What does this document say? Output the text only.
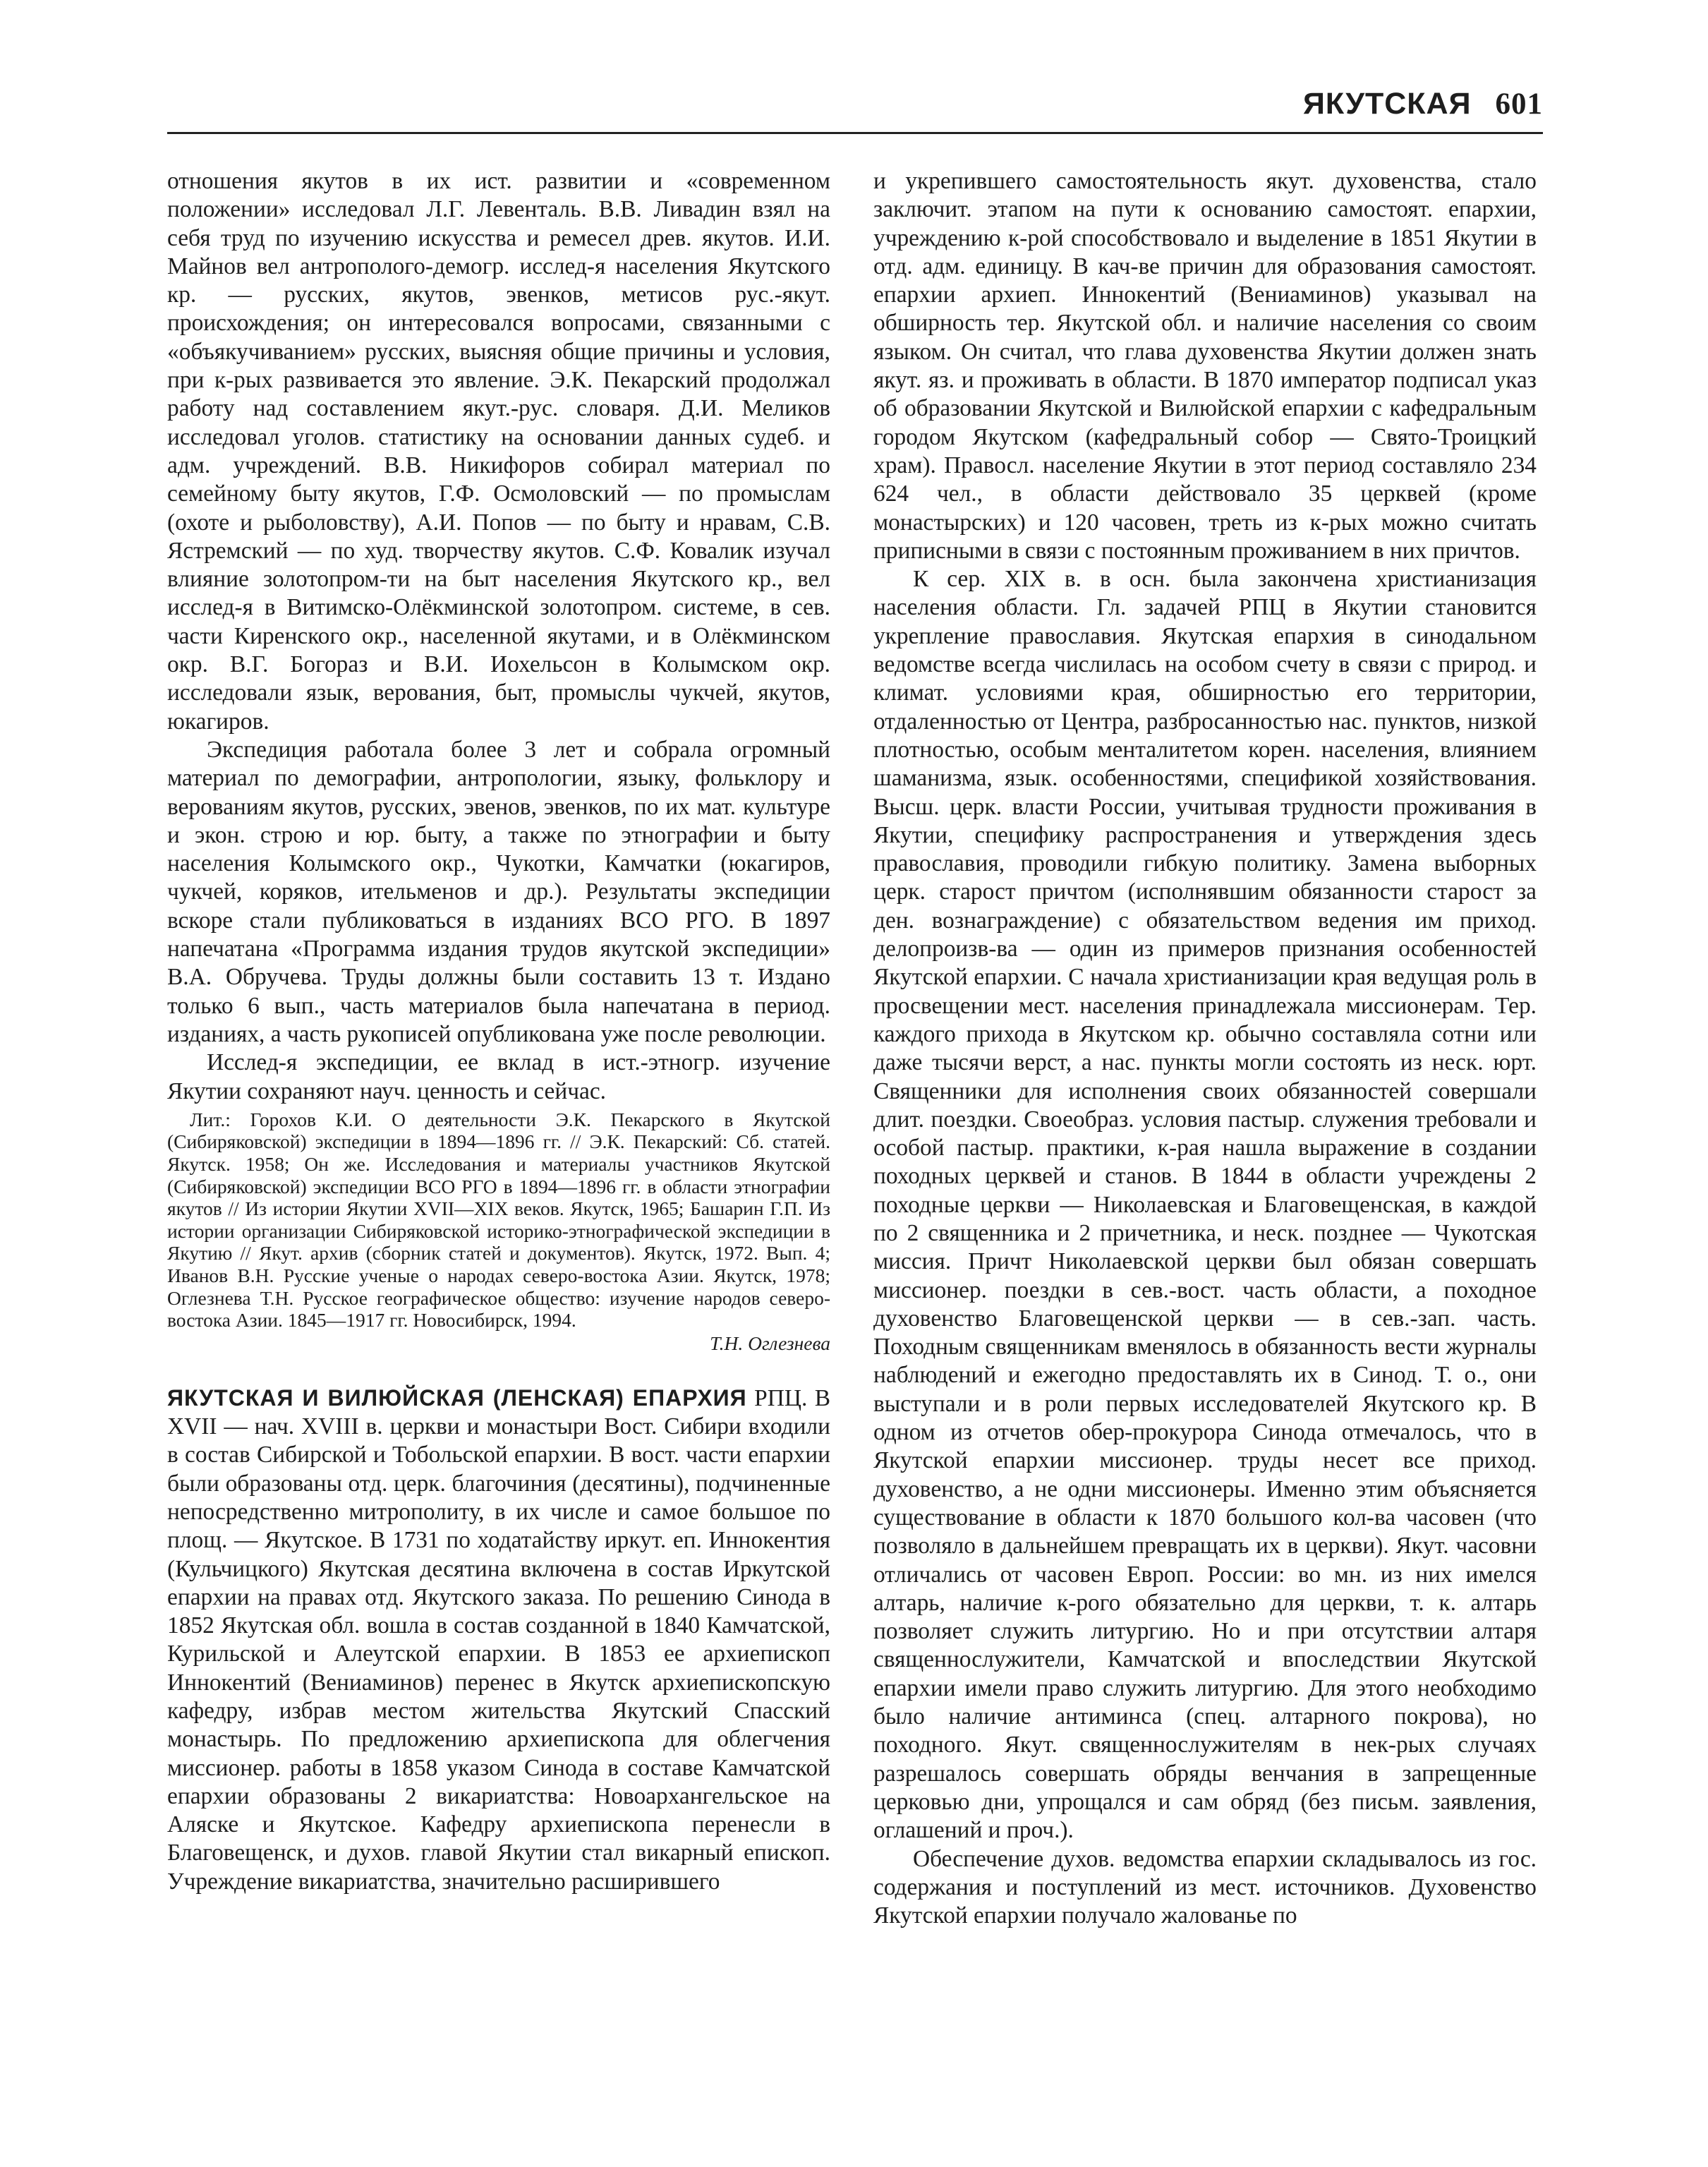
ЯКУТСКАЯ 601

отношения якутов в их ист. развитии и «современном положении» исследовал Л.Г. Левенталь. В.В. Ливадин взял на себя труд по изучению искусства и ремесел древ. якутов. И.И. Майнов вел антрополого-демогр. исслед-я населения Якутского кр. — русских, якутов, эвенков, метисов рус.-якут. происхождения; он интересовался вопросами, связанными с «объякучиванием» русских, выясняя общие причины и условия, при к-рых развивается это явление. Э.К. Пекарский продолжал работу над составлением якут.-рус. словаря. Д.И. Меликов исследовал уголов. статистику на основании данных судеб. и адм. учреждений. В.В. Никифоров собирал материал по семейному быту якутов, Г.Ф. Осмоловский — по промыслам (охоте и рыболовству), А.И. Попов — по быту и нравам, С.В. Ястремский — по худ. творчеству якутов. С.Ф. Ковалик изучал влияние золотопром-ти на быт населения Якутского кр., вел исслед-я в Витимско-Олёкминской золотопром. системе, в сев. части Киренского окр., населенной якутами, и в Олёкминском окр. В.Г. Богораз и В.И. Иохельсон в Колымском окр. исследовали язык, верования, быт, промыслы чукчей, якутов, юкагиров.

Экспедиция работала более 3 лет и собрала огромный материал по демографии, антропологии, языку, фольклору и верованиям якутов, русских, эвенов, эвенков, по их мат. культуре и экон. строю и юр. быту, а также по этнографии и быту населения Колымского окр., Чукотки, Камчатки (юкагиров, чукчей, коряков, ительменов и др.). Результаты экспедиции вскоре стали публиковаться в изданиях ВСО РГО. В 1897 напечатана «Программа издания трудов якутской экспедиции» В.А. Обручева. Труды должны были составить 13 т. Издано только 6 вып., часть материалов была напечатана в период. изданиях, а часть рукописей опубликована уже после революции.

Исслед-я экспедиции, ее вклад в ист.-этногр. изучение Якутии сохраняют науч. ценность и сейчас.

Лит.: Горохов К.И. О деятельности Э.К. Пекарского в Якутской (Сибиряковской) экспедиции в 1894—1896 гг. // Э.К. Пекарский: Сб. статей. Якутск. 1958; Он же. Исследования и материалы участников Якутской (Сибиряковской) экспедиции ВСО РГО в 1894—1896 гг. в области этнографии якутов // Из истории Якутии XVII—XIX веков. Якутск, 1965; Башарин Г.П. Из истории организации Сибиряковской историко-этнографической экспедиции в Якутию // Якут. архив (сборник статей и документов). Якутск, 1972. Вып. 4; Иванов В.Н. Русские ученые о народах северо-востока Азии. Якутск, 1978; Оглезнева Т.Н. Русское географическое общество: изучение народов северо-востока Азии. 1845—1917 гг. Новосибирск, 1994.

Т.Н. Оглезнева

ЯКУТСКАЯ И ВИЛЮЙСКАЯ (ЛЕНСКАЯ) ЕПАРХИЯ РПЦ. В XVII — нач. XVIII в. церкви и монастыри Вост. Сибири входили в состав Сибирской и Тобольской епархии. В вост. части епархии были образованы отд. церк. благочиния (десятины), подчиненные непосредственно митрополиту, в их числе и самое большое по площ. — Якутское. В 1731 по ходатайству иркут. еп. Иннокентия (Кульчицкого) Якутская десятина включена в состав Иркутской епархии на правах отд. Якутского заказа. По решению Синода в 1852 Якутская обл. вошла в состав созданной в 1840 Камчатской, Курильской и Алеутской епархии. В 1853 ее архиепископ Иннокентий (Вениаминов) перенес в Якутск архиепископскую кафедру, избрав местом жительства Якутский Спасский монастырь. По предложению архиепископа для облегчения миссионер. работы в 1858 указом Синода в составе Камчатской епархии образованы 2 викариатства: Новоархангельское на Аляске и Якутское. Кафедру архиепископа перенесли в Благовещенск, и духов. главой Якутии стал викарный епископ. Учреждение викариатства, значительно расширившего

и укрепившего самостоятельность якут. духовенства, стало заключит. этапом на пути к основанию самостоят. епархии, учреждению к-рой способствовало и выделение в 1851 Якутии в отд. адм. единицу. В кач-ве причин для образования самостоят. епархии архиеп. Иннокентий (Вениаминов) указывал на обширность тер. Якутской обл. и наличие населения со своим языком. Он считал, что глава духовенства Якутии должен знать якут. яз. и проживать в области. В 1870 император подписал указ об образовании Якутской и Вилюйской епархии с кафедральным городом Якутском (кафедральный собор — Свято-Троицкий храм). Правосл. население Якутии в этот период составляло 234 624 чел., в области действовало 35 церквей (кроме монастырских) и 120 часовен, треть из к-рых можно считать приписными в связи с постоянным проживанием в них причтов.

К сер. XIX в. в осн. была закончена христианизация населения области. Гл. задачей РПЦ в Якутии становится укрепление православия. Якутская епархия в синодальном ведомстве всегда числилась на особом счету в связи с природ. и климат. условиями края, обширностью его территории, отдаленностью от Центра, разбросанностью нас. пунктов, низкой плотностью, особым менталитетом корен. населения, влиянием шаманизма, язык. особенностями, спецификой хозяйствования. Высш. церк. власти России, учитывая трудности проживания в Якутии, специфику распространения и утверждения здесь православия, проводили гибкую политику. Замена выборных церк. старост причтом (исполнявшим обязанности старост за ден. вознаграждение) с обязательством ведения им приход. делопроизв-ва — один из примеров признания особенностей Якутской епархии. С начала христианизации края ведущая роль в просвещении мест. населения принадлежала миссионерам. Тер. каждого прихода в Якутском кр. обычно составляла сотни или даже тысячи верст, а нас. пункты могли состоять из неск. юрт. Священники для исполнения своих обязанностей совершали длит. поездки. Своеобраз. условия пастыр. служения требовали и особой пастыр. практики, к-рая нашла выражение в создании походных церквей и станов. В 1844 в области учреждены 2 походные церкви — Николаевская и Благовещенская, в каждой по 2 священника и 2 причетника, и неск. позднее — Чукотская миссия. Причт Николаевской церкви был обязан совершать миссионер. поездки в сев.-вост. часть области, а походное духовенство Благовещенской церкви — в сев.-зап. часть. Походным священникам вменялось в обязанность вести журналы наблюдений и ежегодно предоставлять их в Синод. Т. о., они выступали и в роли первых исследователей Якутского кр. В одном из отчетов обер-прокурора Синода отмечалось, что в Якутской епархии миссионер. труды несет все приход. духовенство, а не одни миссионеры. Именно этим объясняется существование в области к 1870 большого кол-ва часовен (что позволяло в дальнейшем превращать их в церкви). Якут. часовни отличались от часовен Европ. России: во мн. из них имелся алтарь, наличие к-рого обязательно для церкви, т. к. алтарь позволяет служить литургию. Но и при отсутствии алтаря священнослужители, Камчатской и впоследствии Якутской епархии имели право служить литургию. Для этого необходимо было наличие антиминса (спец. алтарного покрова), но походного. Якут. священнослужителям в нек-рых случаях разрешалось совершать обряды венчания в запрещенные церковью дни, упрощался и сам обряд (без письм. заявления, оглашений и проч.).

Обеспечение духов. ведомства епархии складывалось из гос. содержания и поступлений из мест. источников. Духовенство Якутской епархии получало жалованье по
